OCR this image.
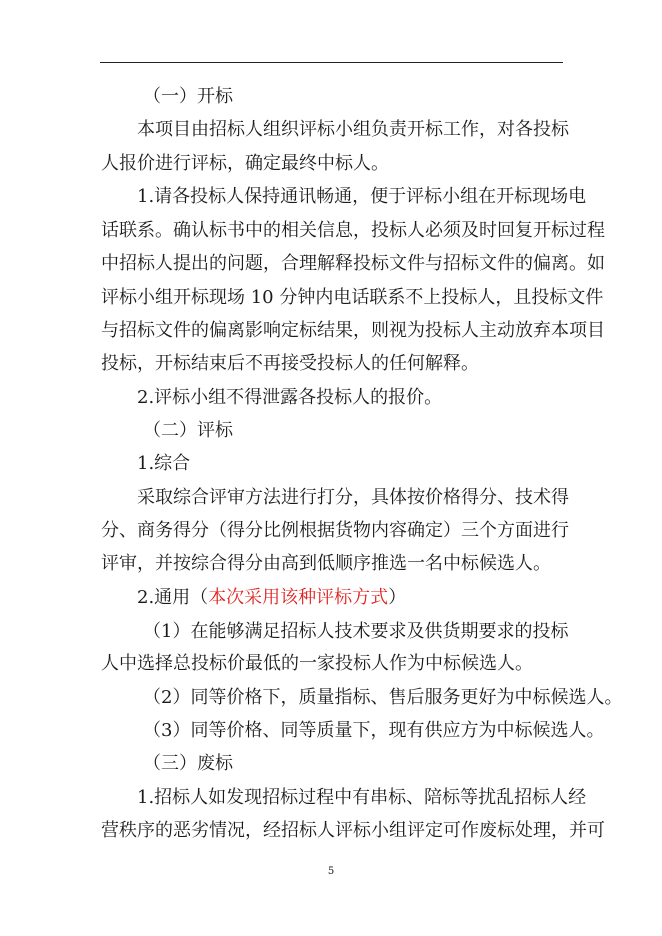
（一）开标
本项目由招标人组织评标小组负责开标工作，对各投标
人报价进行评标，确定最终中标人。
1.请各投标人保持通讯畅通，便于评标小组在开标现场电
话联系。确认标书中的相关信息，投标人必须及时回复开标过程
中招标人提出的问题，合理解释投标文件与招标文件的偏离。如
评标小组开标现场 10 分钟内电话联系不上投标人，且投标文件
与招标文件的偏离影响定标结果，则视为投标人主动放弃本项目
投标，开标结束后不再接受投标人的任何解释。
2.评标小组不得泄露各投标人的报价。
（二）评标
1.综合
采取综合评审方法进行打分，具体按价格得分、技术得
分、商务得分（得分比例根据货物内容确定）三个方面进行
评审，并按综合得分由高到低顺序推选一名中标候选人。
2.通用（本次采用该种评标方式）
（1）在能够满足招标人技术要求及供货期要求的投标
人中选择总投标价最低的一家投标人作为中标候选人。
（2）同等价格下，质量指标、售后服务更好为中标候选人。
（3）同等价格、同等质量下，现有供应方为中标候选人。
（三）废标
1.招标人如发现招标过程中有串标、陪标等扰乱招标人经
营秩序的恶劣情况，经招标人评标小组评定可作废标处理，并可
5
